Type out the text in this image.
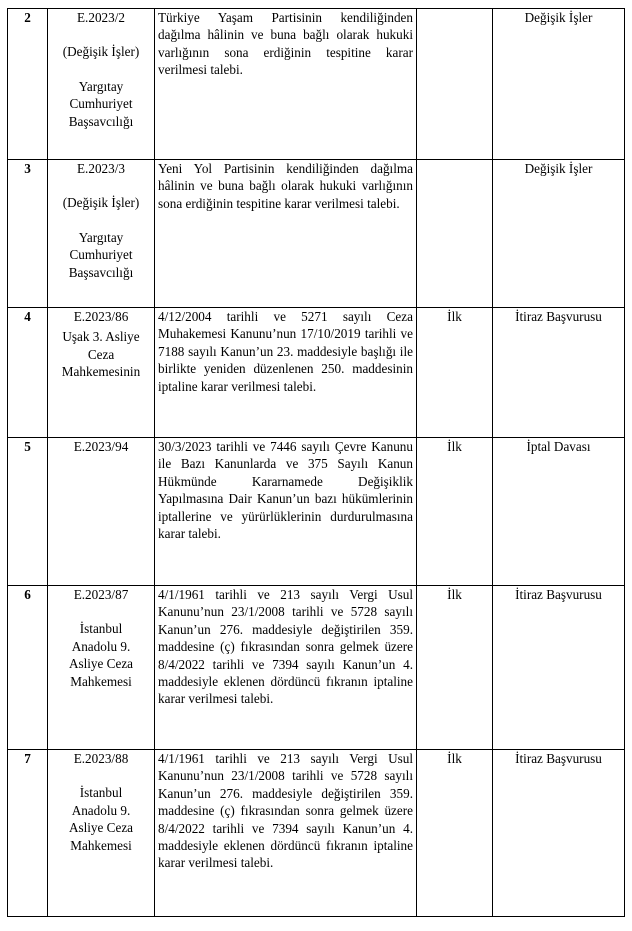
2	E.2023/2
(Değişik İşler)
Yargıtay Cumhuriyet Başsavcılığı	Türkiye Yaşam Partisinin kendiliğinden dağılma hâlinin ve buna bağlı olarak hukuki varlığının sona erdiğinin tespitine karar verilmesi talebi.		Değişik İşler
3	E.2023/3
(Değişik İşler)
Yargıtay Cumhuriyet Başsavcılığı	Yeni Yol Partisinin kendiliğinden dağılma hâlinin ve buna bağlı olarak hukuki varlığının sona erdiğinin tespitine karar verilmesi talebi.		Değişik İşler
4	E.2023/86
Uşak 3. Asliye Ceza Mahkemesinin	4/12/2004 tarihli ve 5271 sayılı Ceza Muhakemesi Kanunu’nun 17/10/2019 tarihli ve 7188 sayılı Kanun’un 23. maddesiyle başlığı ile birlikte yeniden düzenlenen 250. maddesinin iptaline karar verilmesi talebi.	İlk	İtiraz Başvurusu
5	E.2023/94	30/3/2023 tarihli ve 7446 sayılı Çevre Kanunu ile Bazı Kanunlarda ve 375 Sayılı Kanun Hükmünde Kararnamede Değişiklik Yapılmasına Dair Kanun’un bazı hükümlerinin iptallerine ve yürürlüklerinin durdurulmasına karar talebi.	İlk	İptal Davası
6	E.2023/87
İstanbul Anadolu 9. Asliye Ceza Mahkemesi	4/1/1961 tarihli ve 213 sayılı Vergi Usul Kanunu’nun 23/1/2008 tarihli ve 5728 sayılı Kanun’un 276. maddesiyle değiştirilen 359. maddesine (ç) fıkrasından sonra gelmek üzere 8/4/2022 tarihli ve 7394 sayılı Kanun’un 4. maddesiyle eklenen dördüncü fıkranın iptaline karar verilmesi talebi.	İlk	İtiraz Başvurusu
7	E.2023/88
İstanbul Anadolu 9. Asliye Ceza Mahkemesi	4/1/1961 tarihli ve 213 sayılı Vergi Usul Kanunu’nun 23/1/2008 tarihli ve 5728 sayılı Kanun’un 276. maddesiyle değiştirilen 359. maddesine (ç) fıkrasından sonra gelmek üzere 8/4/2022 tarihli ve 7394 sayılı Kanun’un 4. maddesiyle eklenen dördüncü fıkranın iptaline karar verilmesi talebi.	İlk	İtiraz Başvurusu
